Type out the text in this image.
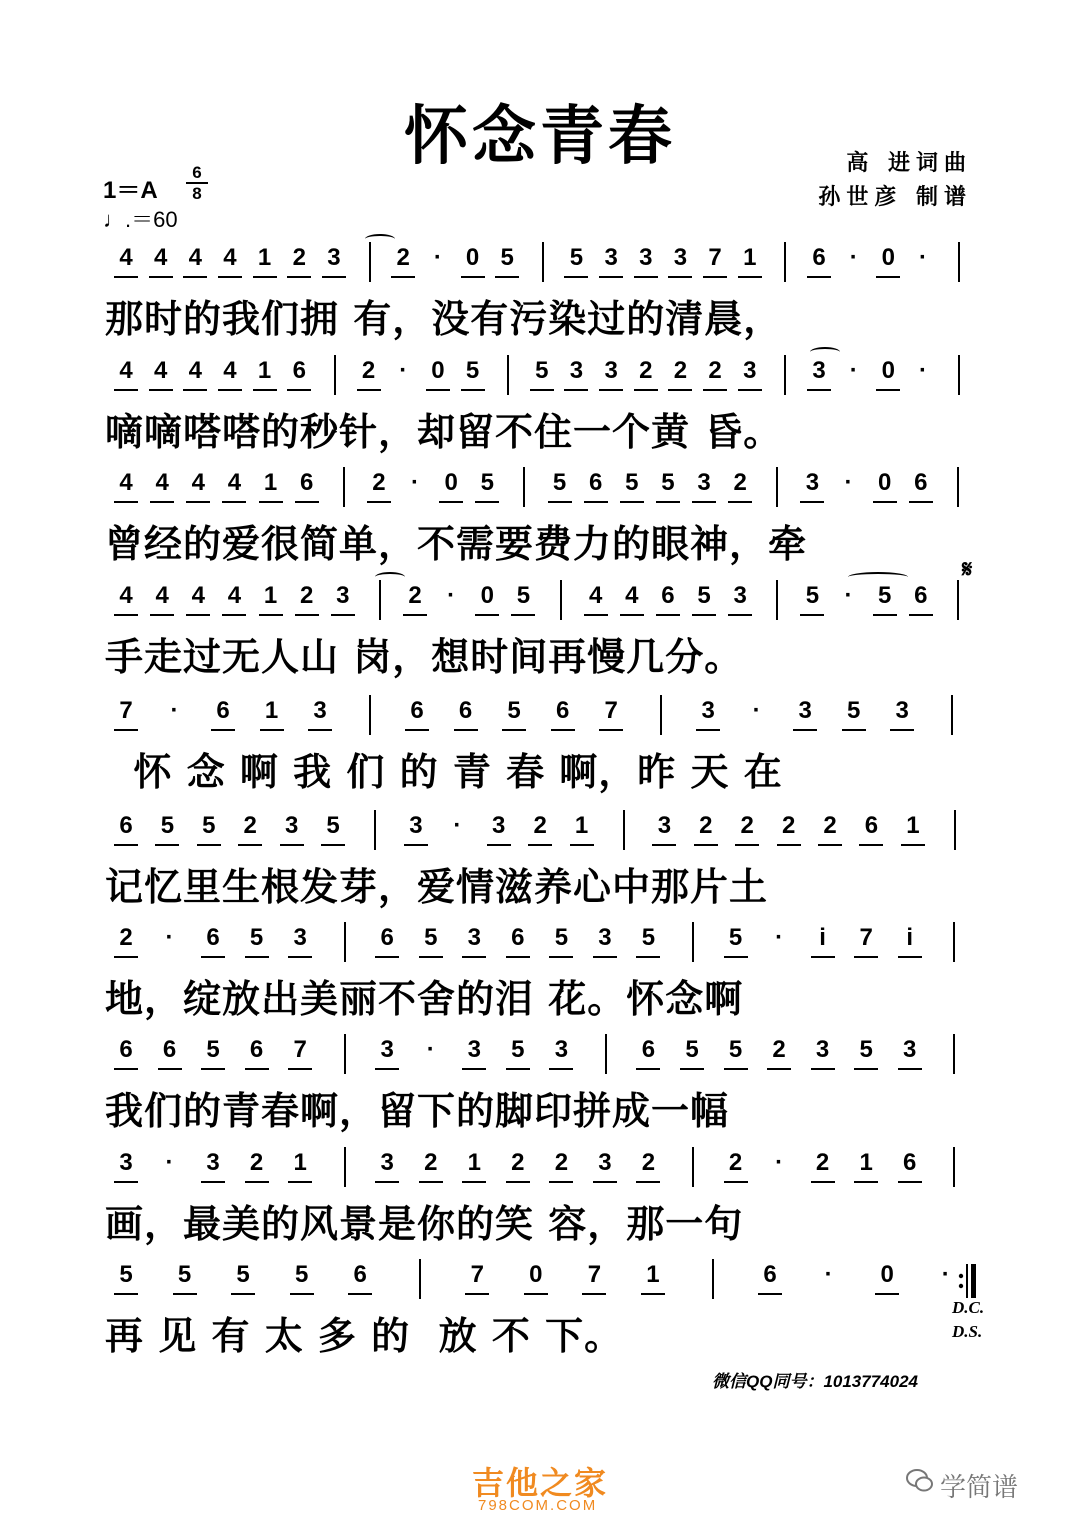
怀念青春	高 进词曲
孙世彦 制谱
1＝A
6
8
♩.＝60
4 4 4 4 1 2 3	2 · 0 5	5 3 3 3 7 1	6 · 0 ·
那时的我们拥 有，没有污染过的清晨，
4 4 4 4 1 6	2 · 0 5	5 3 3 2 2 2 3	3 · 0 ·
嘀嘀嗒嗒的秒针，却留不住一个黄 昏。
4 4 4 4 1 6	2	·	0 5	5 6 5 5 3 2	3	·	0 6
曾经的爱很简单，不需要费力的眼神，牵
4 4 4 4 1 2 3	2	·	0 5	4 4 6 5 3	5	·	5 6
手走过无人山 岗，想时间再慢几分。
7	·	6	1	3	6	6	5	6	7	3	·	3	5	3
怀 念 啊 我 们 的 青 春 啊，昨 天 在
6	5	5	2	3	5	3	·	3	2	1	3	2	2	2	2	6	1
记忆里生根发芽，爱情滋养心中那片土
2	·	6	5	3	6	5	3	6	5	3	5	5	·	i	7	i
地，绽放出美丽不舍的泪 花。怀念啊
6	6	5	6	7	3	·	3	5	3	6	5	5	2	3	5	3
我们的青春啊，留下的脚印拼成一幅
3	·	3	2	1	3	2	1	2	2	3	2	2	·	2	1	6
画，最美的风景是你的笑 容，那一句
5	5	5	5	6	7	0	7	1	6	·	0	·
再 见 有 太 多 的  放 不 下。
𝄋
D.C.
D.S.
微信QQ同号：1013774024
吉他之家
798COM.COM
学简谱
